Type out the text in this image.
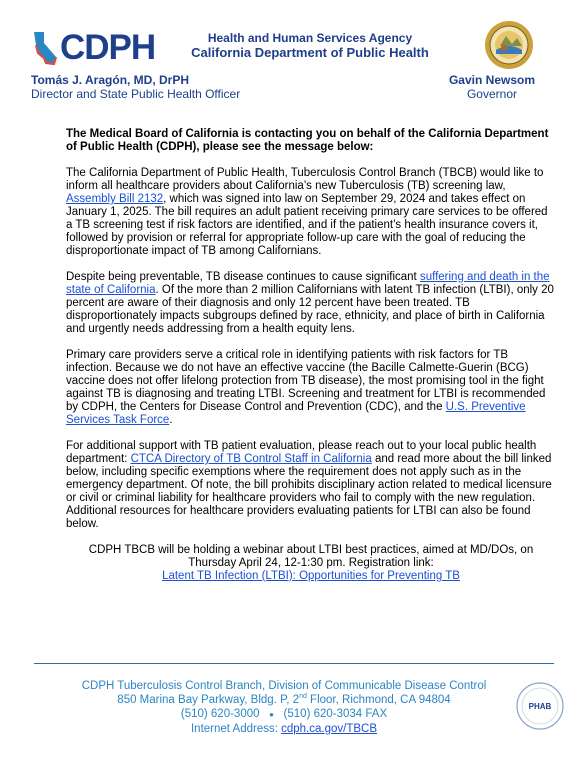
CDPH	Health and Human Services Agency
California Department of Public Health
Tomás J. Aragón, MD, DrPH
Director and State Public Health Officer
Gavin Newsom
Governor

The Medical Board of California is contacting you on behalf of the California Department of Public Health (CDPH), please see the message below:

The California Department of Public Health, Tuberculosis Control Branch (TBCB) would like to inform all healthcare providers about California’s new Tuberculosis (TB) screening law, Assembly Bill 2132, which was signed into law on September 29, 2024 and takes effect on January 1, 2025. The bill requires an adult patient receiving primary care services to be offered a TB screening test if risk factors are identified, and if the patient’s health insurance covers it, followed by provision or referral for appropriate follow-up care with the goal of reducing the disproportionate impact of TB among Californians.

Despite being preventable, TB disease continues to cause significant suffering and death in the state of California. Of the more than 2 million Californians with latent TB infection (LTBI), only 20 percent are aware of their diagnosis and only 12 percent have been treated. TB disproportionately impacts subgroups defined by race, ethnicity, and place of birth in California and urgently needs addressing from a health equity lens.

Primary care providers serve a critical role in identifying patients with risk factors for TB infection. Because we do not have an effective vaccine (the Bacille Calmette-Guerin (BCG) vaccine does not offer lifelong protection from TB disease), the most promising tool in the fight against TB is diagnosing and treating LTBI. Screening and treatment for LTBI is recommended by CDPH, the Centers for Disease Control and Prevention (CDC), and the U.S. Preventive Services Task Force.

For additional support with TB patient evaluation, please reach out to your local public health department: CTCA Directory of TB Control Staff in California and read more about the bill linked below, including specific exemptions where the requirement does not apply such as in the emergency department. Of note, the bill prohibits disciplinary action related to medical licensure or civil or criminal liability for healthcare providers who fail to comply with the new regulation. Additional resources for healthcare providers evaluating patients for LTBI can also be found below.

CDPH TBCB will be holding a webinar about LTBI best practices, aimed at MD/DOs, on
Thursday April 24, 12-1:30 pm. Registration link:
Latent TB Infection (LTBI): Opportunities for Preventing TB

CDPH Tuberculosis Control Branch, Division of Communicable Disease Control
850 Marina Bay Parkway, Bldg. P, 2nd Floor, Richmond, CA 94804
(510) 620-3000 ● (510) 620-3034 FAX
Internet Address: cdph.ca.gov/TBCB
PHAB
